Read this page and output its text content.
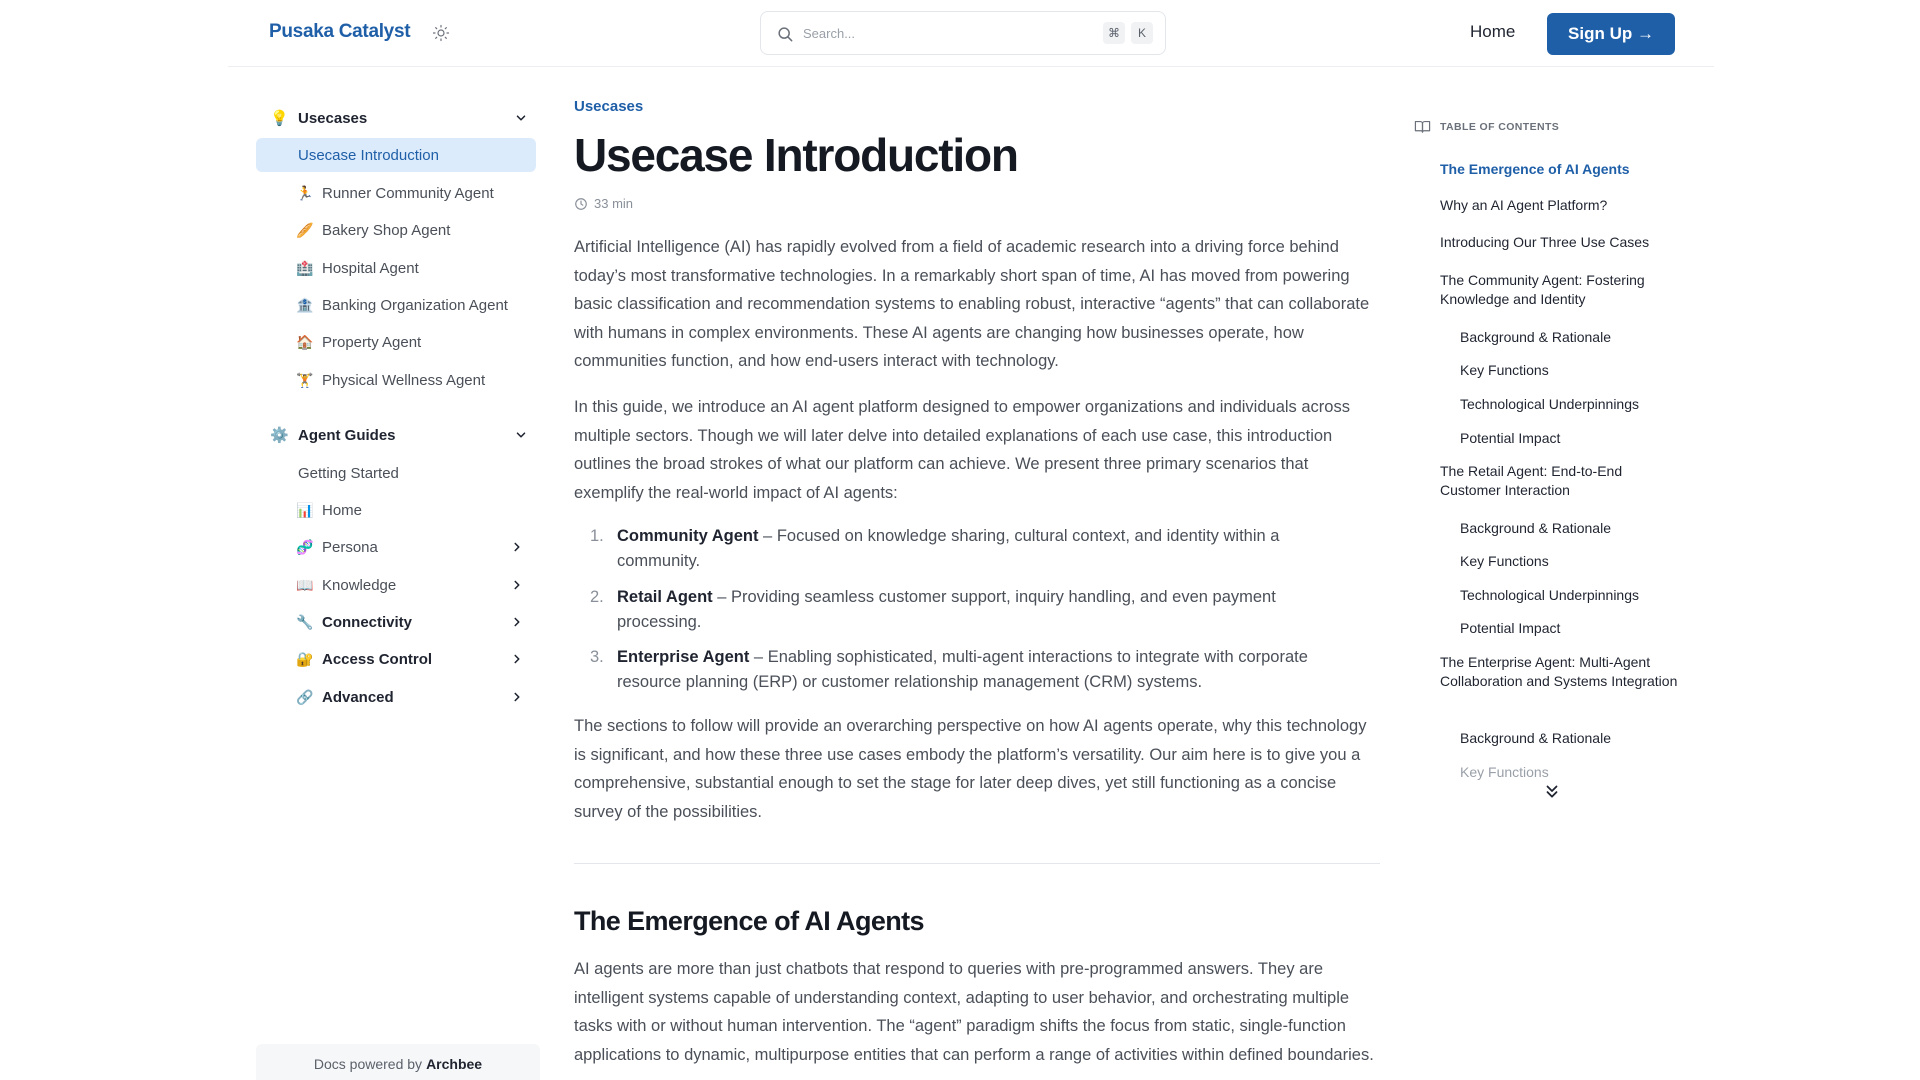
Pusaka Catalyst
Search...	⌘	K	Home	Sign Up →
💡 Usecases
Usecase Introduction
🏃 Runner Community Agent
🥖 Bakery Shop Agent
🏥 Hospital Agent
🏦 Banking Organization Agent
🏠 Property Agent
🏋 Physical Wellness Agent
⚙️ Agent Guides
Getting Started
📊 Home
🧬 Persona
📖 Knowledge
🔧 Connectivity
🔐 Access Control
🔗 Advanced
Docs powered by Archbee
Usecases
Usecase Introduction
33 min

Artificial Intelligence (AI) has rapidly evolved from a field of academic research into a driving force behind today’s most transformative technologies. In a remarkably short span of time, AI has moved from powering basic classification and recommendation systems to enabling robust, interactive “agents” that can collaborate with humans in complex environments. These AI agents are changing how businesses operate, how communities function, and how end-users interact with technology.

In this guide, we introduce an AI agent platform designed to empower organizations and individuals across multiple sectors. Though we will later delve into detailed explanations of each use case, this introduction outlines the broad strokes of what our platform can achieve. We present three primary scenarios that exemplify the real-world impact of AI agents:

1. Community Agent – Focused on knowledge sharing, cultural context, and identity within a community.
2. Retail Agent – Providing seamless customer support, inquiry handling, and even payment processing.
3. Enterprise Agent – Enabling sophisticated, multi-agent interactions to integrate with corporate resource planning (ERP) or customer relationship management (CRM) systems.

The sections to follow will provide an overarching perspective on how AI agents operate, why this technology is significant, and how these three use cases embody the platform’s versatility. Our aim here is to give you a comprehensive, substantial enough to set the stage for later deep dives, yet still functioning as a concise survey of the possibilities.

The Emergence of AI Agents

AI agents are more than just chatbots that respond to queries with pre-programmed answers. They are intelligent systems capable of understanding context, adapting to user behavior, and orchestrating multiple tasks with or without human intervention. The “agent” paradigm shifts the focus from static, single-function applications to dynamic, multipurpose entities that can perform a range of activities within defined boundaries.

TABLE OF CONTENTS
The Emergence of AI Agents
Why an AI Agent Platform?
Introducing Our Three Use Cases
The Community Agent: Fostering Knowledge and Identity
Background & Rationale
Key Functions
Technological Underpinnings
Potential Impact
The Retail Agent: End-to-End Customer Interaction
Background & Rationale
Key Functions
Technological Underpinnings
Potential Impact
The Enterprise Agent: Multi-Agent Collaboration and Systems Integration
Background & Rationale
Key Functions
